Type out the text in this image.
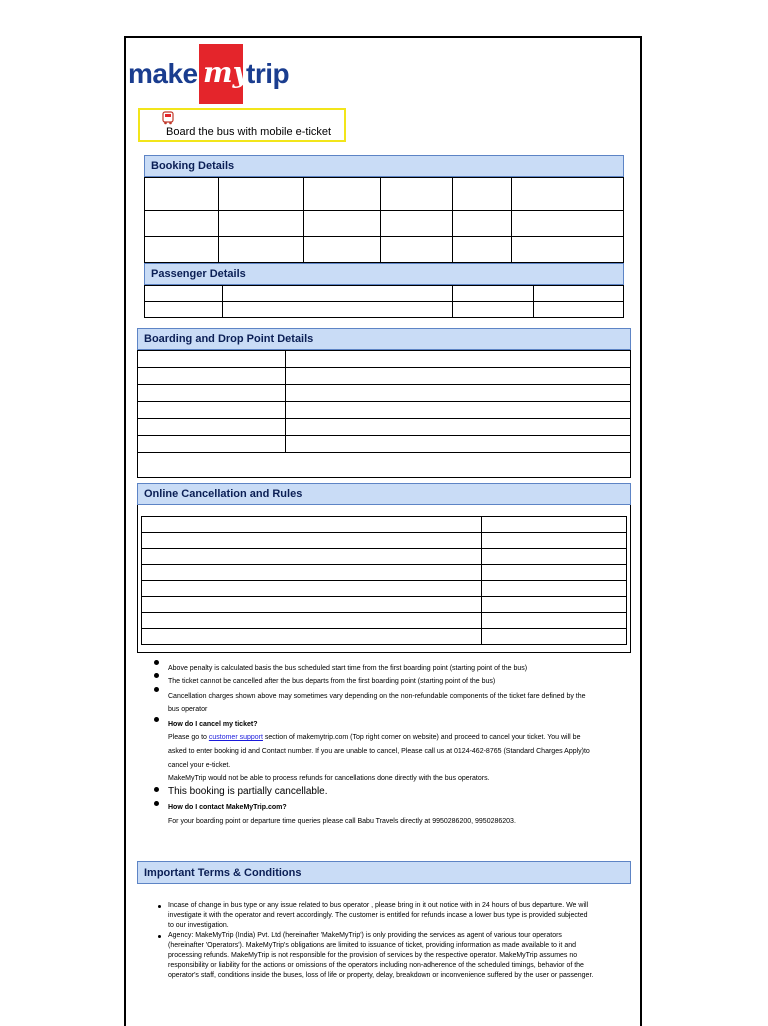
make my
trip
Board the bus with mobile e-ticket
Booking Details

Passenger Details

Boarding and Drop Point Details

Online Cancellation and Rules

Above penalty is calculated basis the bus scheduled start time from the first boarding point (starting point of the bus)
The ticket cannot be cancelled after the bus departs from the first boarding point (starting point of the bus)
Cancellation charges shown above may sometimes vary depending on the non-refundable components of the ticket fare defined by the
bus operator
How do I cancel my ticket?
Please go to customer support section of makemytrip.com (Top right corner on website) and proceed to cancel your ticket. You will be
asked to enter booking id and Contact number. If you are unable to cancel, Please call us at 0124-462-8765 (Standard Charges Apply)to
cancel your e-ticket.
MakeMyTrip would not be able to process refunds for cancellations done directly with the bus operators.
This booking is partially cancellable.
How do I contact MakeMyTrip.com?
For your boarding point or departure time queries please call Babu Travels directly at 9950286200, 9950286203.
Important Terms & Conditions
Incase of change in bus type or any issue related to bus operator , please bring in it out notice with in 24 hours of bus departure. We will
investigate it with the operator and revert accordingly. The customer is entitled for refunds incase a lower bus type is provided subjected
to our investigation.
Agency: MakeMyTrip (India) Pvt. Ltd (hereinafter 'MakeMyTrip') is only providing the services as agent of various tour operators
(hereinafter 'Operators'). MakeMyTrip's obligations are limited to issuance of ticket, providing information as made available to it and
processing refunds. MakeMyTrip is not responsible for the provision of services by the respective operator. MakeMyTrip assumes no
responsibility or liability for the actions or omissions of the operators including non-adherence of the scheduled timings, behavior of the
operator's staff, conditions inside the buses, loss of life or property, delay, breakdown or inconvenience suffered by the user or passenger.
